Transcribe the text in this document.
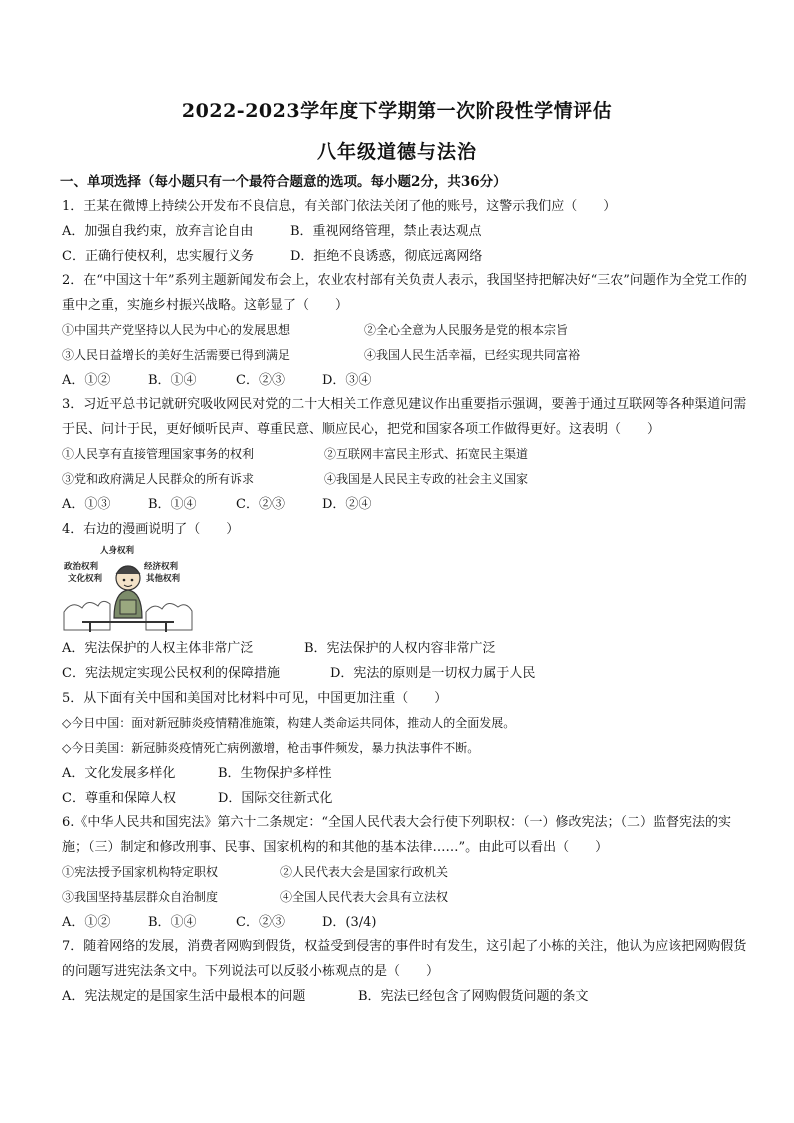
2022-2023学年度下学期第一次阶段性学情评估
八年级道德与法治
一、单项选择（每小题只有一个最符合题意的选项。每小题2分，共36分）
1．王某在微博上持续公开发布不良信息，有关部门依法关闭了他的账号，这警示我们应（　　）
A．加强自我约束，放弃言论自由	B．重视网络管理，禁止表达观点
C．正确行使权利，忠实履行义务	D．拒绝不良诱惑，彻底远离网络
2．在“中国这十年”系列主题新闻发布会上，农业农村部有关负责人表示，我国坚持把解决好“三农”问题作为全党工作的重中之重，实施乡村振兴战略。这彰显了（　　）
①中国共产党坚持以人民为中心的发展思想	②全心全意为人民服务是党的根本宗旨
③人民日益增长的美好生活需要已得到满足	④我国人民生活幸福，已经实现共同富裕
A．①②	B．①④	C．②③	D．③④
3．习近平总书记就研究吸收网民对党的二十大相关工作意见建议作出重要指示强调，要善于通过互联网等各种渠道问需于民、问计于民，更好倾听民声、尊重民意、顺应民心，把党和国家各项工作做得更好。这表明（　　）
①人民享有直接管理国家事务的权利	②互联网丰富民主形式、拓宽民主渠道
③党和政府满足人民群众的所有诉求	④我国是人民民主专政的社会主义国家
A．①③	B．①④	C．②③	D．②④
4．右边的漫画说明了（　　）
人身权利
政治权利	经济权利
文化权利	其他权利
A．宪法保护的人权主体非常广泛	B．宪法保护的人权内容非常广泛
C．宪法规定实现公民权利的保障措施	D．宪法的原则是一切权力属于人民
5．从下面有关中国和美国对比材料中可见，中国更加注重（　　）
◇今日中国：面对新冠肺炎疫情精准施策，构建人类命运共同体，推动人的全面发展。
◇今日美国：新冠肺炎疫情死亡病例激增，枪击事件频发，暴力执法事件不断。
A．文化发展多样化	B．生物保护多样性
C．尊重和保障人权	D．国际交往新式化
6.《中华人民共和国宪法》第六十二条规定：“全国人民代表大会行使下列职权：（一）修改宪法；（二）监督宪法的实施；（三）制定和修改刑事、民事、国家机构的和其他的基本法律……”。由此可以看出（　　）
①宪法授予国家机构特定职权	②人民代表大会是国家行政机关
③我国坚持基层群众自治制度	④全国人民代表大会具有立法权
A．①②	B．①④	C．②③	D．(3/4)
7．随着网络的发展，消费者网购到假货，权益受到侵害的事件时有发生，这引起了小栋的关注，他认为应该把网购假货的问题写进宪法条文中。下列说法可以反驳小栋观点的是（　　）
A．宪法规定的是国家生活中最根本的问题	B．宪法已经包含了网购假货问题的条文
